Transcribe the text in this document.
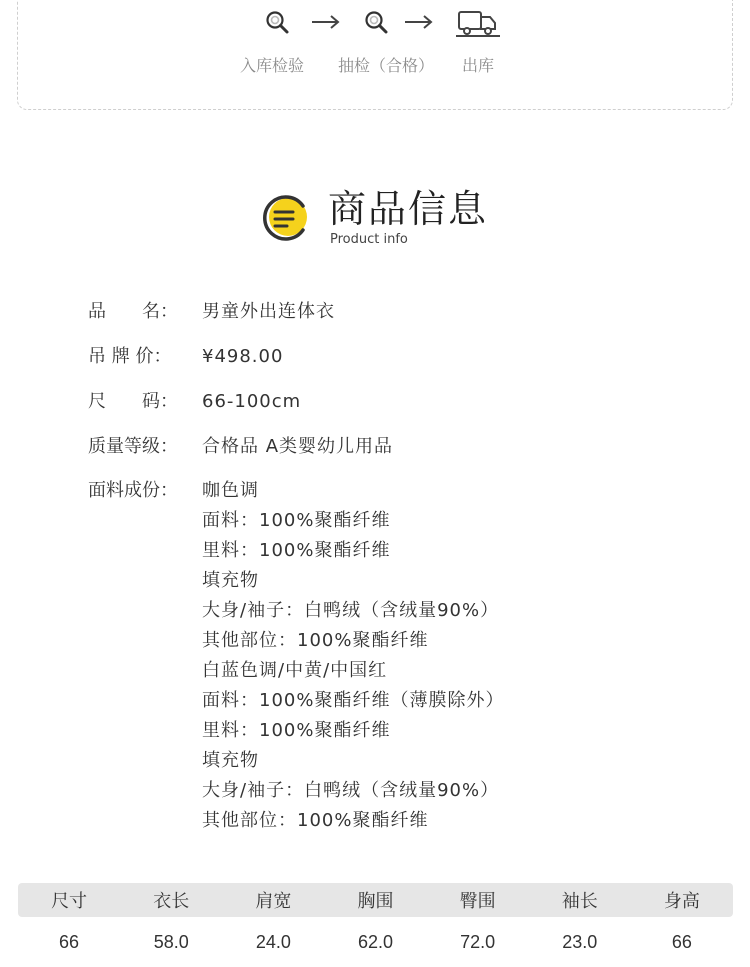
入库检验 抽检（合格） 出库
商品信息
Product info
品　　名： 男童外出连体衣
吊 牌 价： ¥498.00
尺　　码： 66-100cm
质量等级： 合格品 A类婴幼儿用品
面料成份： 咖色调
面料：100%聚酯纤维
里料：100%聚酯纤维
填充物
大身/袖子：白鸭绒（含绒量90%）
其他部位：100%聚酯纤维
白蓝色调/中黄/中国红
面料：100%聚酯纤维（薄膜除外）
里料：100%聚酯纤维
填充物
大身/袖子：白鸭绒（含绒量90%）
其他部位：100%聚酯纤维
尺寸	衣长	肩宽	胸围	臀围	袖长	身高
66	58.0	24.0	62.0	72.0	23.0	66
